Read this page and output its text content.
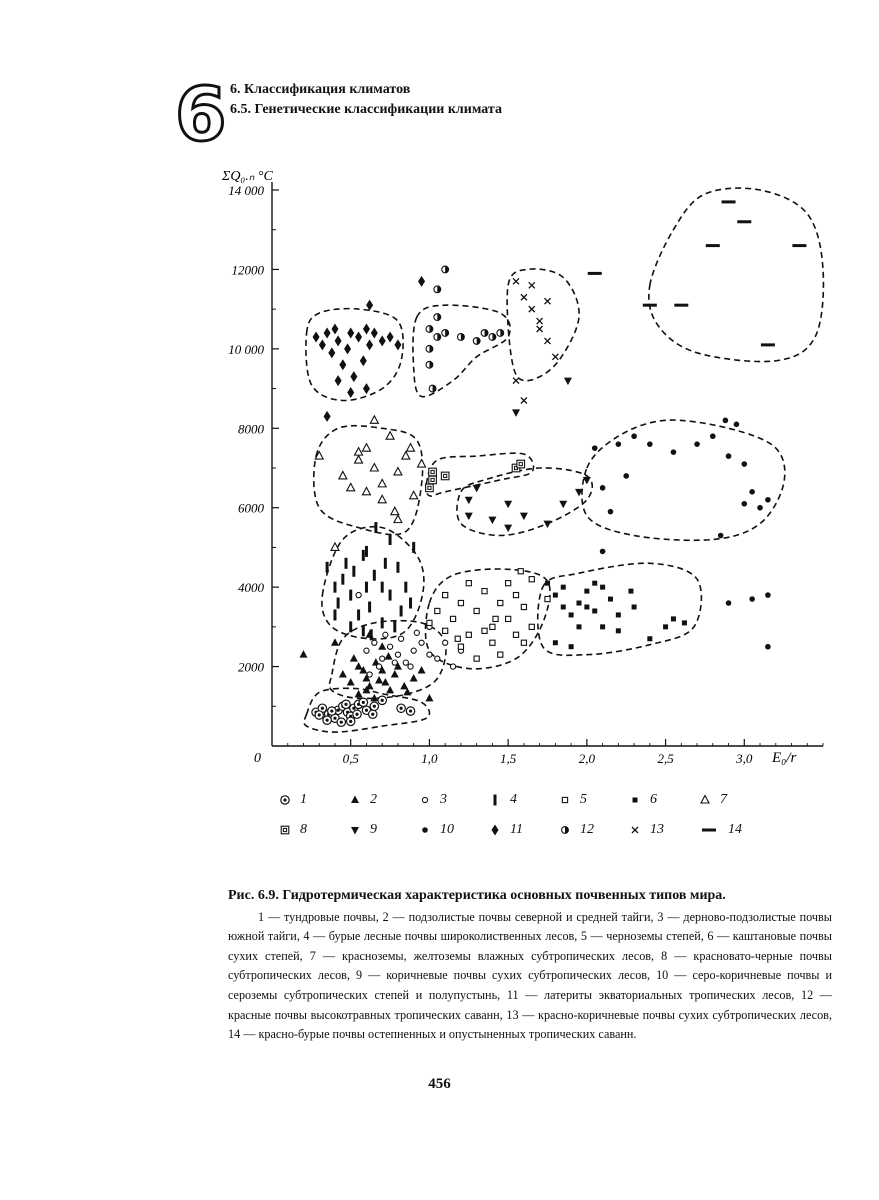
6 6. Классификация климатов
6.5. Генетические классификации климата
2000
4000
6000
8000
10 000
12000
14 000
0,5	1,0	1,5	2,0	2,5	3,0
ΣQ₀.ₙ °C
E₀/r
0
1	2	3	4	5	6	7
8	9	10	11	12	13	14
Рис. 6.9. Гидротермическая характеристика основных почвенных типов мира.
1 — тундровые почвы, 2 — подзолистые почвы северной и средней тайги, 3 — дерново-подзолистые почвы южной тайги, 4 — бурые лесные почвы широколиственных лесов, 5 — черноземы степей, 6 — каштановые почвы сухих степей, 7 — красноземы, желтоземы влажных субтропических лесов, 8 — красновато-черные почвы субтропических лесов, 9 — коричневые почвы сухих субтропических лесов, 10 — серо-коричневые почвы и сероземы субтропических степей и полупустынь, 11 — латериты экваториальных тропических лесов, 12 — красные почвы высокотравных тропических саванн, 13 — красно-коричневые почвы сухих субтропических лесов, 14 — красно-бурые почвы остепненных и опустыненных тропических саванн.
456
